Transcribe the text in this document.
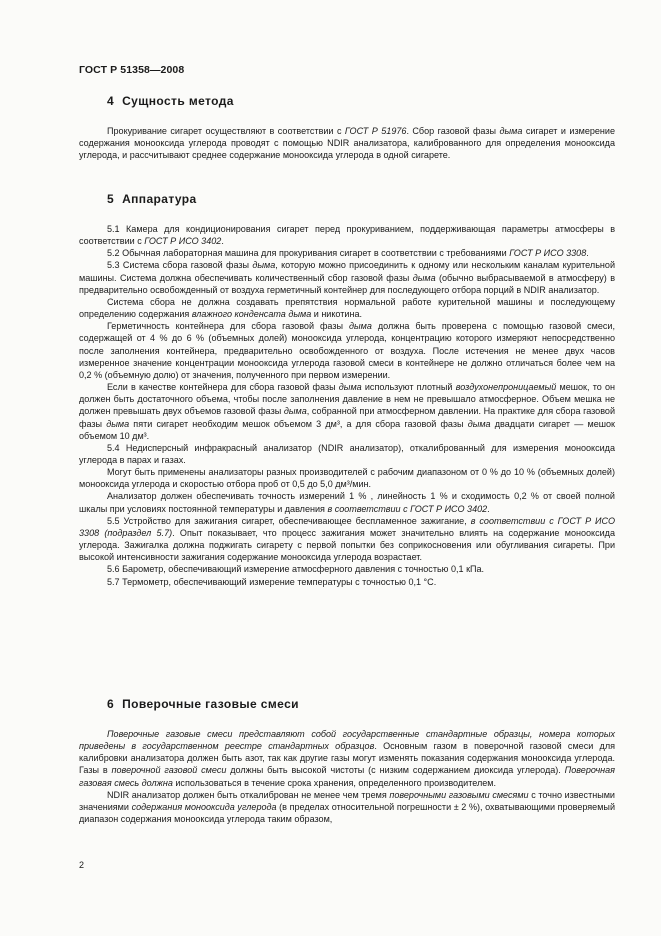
ГОСТ Р 51358—2008
4 Сущность метода

Прокуривание сигарет осуществляют в соответствии с ГОСТ Р 51976. Сбор газовой фазы дыма сигарет и измерение содержания монооксида углерода проводят с помощью NDIR анализатора, калиброванного для определения монооксида углерода, и рассчитывают среднее содержание монооксида углерода в одной сигарете.

5 Аппаратура

5.1 Камера для кондиционирования сигарет перед прокуриванием, поддерживающая параметры атмосферы в соответствии с ГОСТ Р ИСО 3402.

5.2 Обычная лабораторная машина для прокуривания сигарет в соответствии с требованиями ГОСТ Р ИСО 3308.

5.3 Система сбора газовой фазы дыма, которую можно присоединить к одному или нескольким каналам курительной машины. Система должна обеспечивать количественный сбор газовой фазы дыма (обычно выбрасываемой в атмосферу) в предварительно освобожденный от воздуха герметичный контейнер для последующего отбора порций в NDIR анализатор.

Система сбора не должна создавать препятствия нормальной работе курительной машины и последующему определению содержания влажного конденсата дыма и никотина.

Герметичность контейнера для сбора газовой фазы дыма должна быть проверена с помощью газовой смеси, содержащей от 4 % до 6 % (объемных долей) монооксида углерода, концентрацию которого измеряют непосредственно после заполнения контейнера, предварительно освобожденного от воздуха. После истечения не менее двух часов измеренное значение концентрации монооксида углерода газовой смеси в контейнере не должно отличаться более чем на 0,2 % (объемную долю) от значения, полученного при первом измерении.

Если в качестве контейнера для сбора газовой фазы дыма используют плотный воздухонепроницаемый мешок, то он должен быть достаточного объема, чтобы после заполнения давление в нем не превышало атмосферное. Объем мешка не должен превышать двух объемов газовой фазы дыма, собранной при атмосферном давлении. На практике для сбора газовой фазы дыма пяти сигарет необходим мешок объемом 3 дм³, а для сбора газовой фазы дыма двадцати сигарет — мешок объемом 10 дм³.

5.4 Недисперсный инфракрасный анализатор (NDIR анализатор), откалиброванный для измерения монооксида углерода в парах и газах.

Могут быть применены анализаторы разных производителей с рабочим диапазоном от 0 % до 10 % (объемных долей) монооксида углерода и скоростью отбора проб от 0,5 до 5,0 дм³/мин.

Анализатор должен обеспечивать точность измерений 1 % , линейность 1 % и сходимость 0,2 % от своей полной шкалы при условиях постоянной температуры и давления в соответствии с ГОСТ Р ИСО 3402.

5.5 Устройство для зажигания сигарет, обеспечивающее беспламенное зажигание, в соответствии с ГОСТ Р ИСО 3308 (подраздел 5.7). Опыт показывает, что процесс зажигания может значительно влиять на содержание монооксида углерода. Зажигалка должна поджигать сигарету с первой попытки без соприкосновения или обугливания сигареты. При высокой интенсивности зажигания содержание монооксида углерода возрастает.

5.6 Барометр, обеспечивающий измерение атмосферного давления с точностью 0,1 кПа.

5.7 Термометр, обеспечивающий измерение температуры с точностью 0,1 °С.

6 Поверочные газовые смеси

Поверочные газовые смеси представляют собой государственные стандартные образцы, номера которых приведены в государственном реестре стандартных образцов. Основным газом в поверочной газовой смеси для калибровки анализатора должен быть азот, так как другие газы могут изменять показания содержания монооксида углерода. Газы в поверочной газовой смеси должны быть высокой чистоты (с низким содержанием диоксида углерода). Поверочная газовая смесь должна использоваться в течение срока хранения, определенного производителем.

NDIR анализатор должен быть откалиброван не менее чем тремя поверочными газовыми смесями с точно известными значениями содержания монооксида углерода (в пределах относительной погрешности ± 2 %), охватывающими проверяемый диапазон содержания монооксида углерода таким образом,

2
